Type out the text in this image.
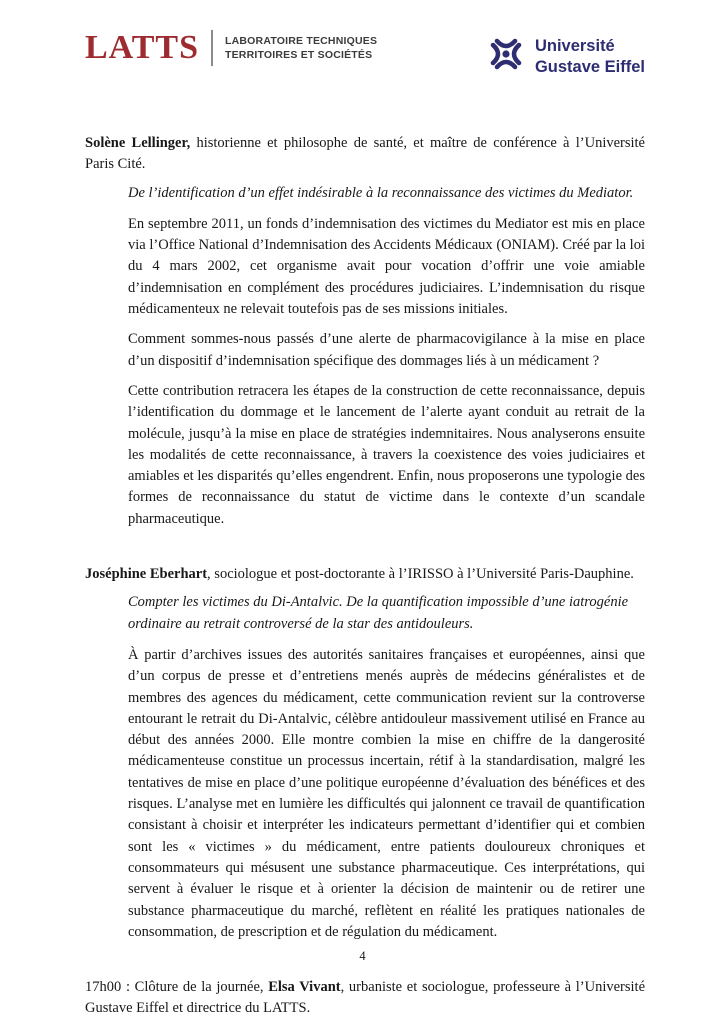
LATTS LABORATOIRE TECHNIQUES
TERRITOIRES ET SOCIÉTÉS
Université
Gustave Eiffel

Solène Lellinger, historienne et philosophe de santé, et maître de conférence à l’Université Paris Cité.

De l’identification d’un effet indésirable à la reconnaissance des victimes du Mediator.

En septembre 2011, un fonds d’indemnisation des victimes du Mediator est mis en place via l’Office National d’Indemnisation des Accidents Médicaux (ONIAM). Créé par la loi du 4 mars 2002, cet organisme avait pour vocation d’offrir une voie amiable d’indemnisation en complément des procédures judiciaires. L’indemnisation du risque médicamenteux ne relevait toutefois pas de ses missions initiales.

Comment sommes-nous passés d’une alerte de pharmacovigilance à la mise en place d’un dispositif d’indemnisation spécifique des dommages liés à un médicament ?

Cette contribution retracera les étapes de la construction de cette reconnaissance, depuis l’identification du dommage et le lancement de l’alerte ayant conduit au retrait de la molécule, jusqu’à la mise en place de stratégies indemnitaires. Nous analyserons ensuite les modalités de cette reconnaissance, à travers la coexistence des voies judiciaires et amiables et les disparités qu’elles engendrent. Enfin, nous proposerons une typologie des formes de reconnaissance du statut de victime dans le contexte d’un scandale pharmaceutique.

Joséphine Eberhart, sociologue et post-doctorante à l’IRISSO à l’Université Paris-Dauphine.

Compter les victimes du Di-Antalvic. De la quantification impossible d’une iatrogénie ordinaire au retrait controversé de la star des antidouleurs.

À partir d’archives issues des autorités sanitaires françaises et européennes, ainsi que d’un corpus de presse et d’entretiens menés auprès de médecins généralistes et de membres des agences du médicament, cette communication revient sur la controverse entourant le retrait du Di-Antalvic, célèbre antidouleur massivement utilisé en France au début des années 2000. Elle montre combien la mise en chiffre de la dangerosité médicamenteuse constitue un processus incertain, rétif à la standardisation, malgré les tentatives de mise en place d’une politique européenne d’évaluation des bénéfices et des risques. L’analyse met en lumière les difficultés qui jalonnent ce travail de quantification consistant à choisir et interpréter les indicateurs permettant d’identifier qui et combien sont les « victimes » du médicament, entre patients douloureux chroniques et consommateurs qui mésusent une substance pharmaceutique. Ces interprétations, qui servent à évaluer le risque et à orienter la décision de maintenir ou de retirer une substance pharmaceutique du marché, reflètent en réalité les pratiques nationales de consommation, de prescription et de régulation du médicament.

17h00 : Clôture de la journée, Elsa Vivant, urbaniste et sociologue, professeure à l’Université Gustave Eiffel et directrice du LATTS.

4
